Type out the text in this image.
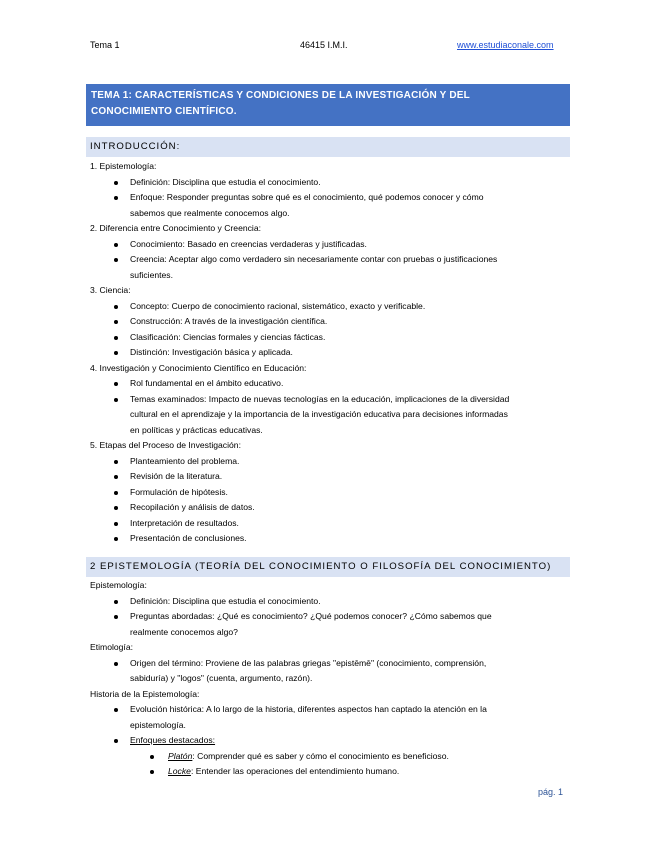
Tema 1	46415 I.M.I.	www.estudiaconale.com
TEMA 1: CARACTERÍSTICAS Y CONDICIONES DE LA INVESTIGACIÓN Y DEL
CONOCIMIENTO CIENTÍFICO.
INTRODUCCIÓN:

1. Epistemología:

Definición: Disciplina que estudia el conocimiento.

Enfoque: Responder preguntas sobre qué es el conocimiento, qué podemos conocer y cómo
sabemos que realmente conocemos algo.

2. Diferencia entre Conocimiento y Creencia:

Conocimiento: Basado en creencias verdaderas y justificadas.

Creencia: Aceptar algo como verdadero sin necesariamente contar con pruebas o justificaciones
suficientes.

3. Ciencia:

Concepto: Cuerpo de conocimiento racional, sistemático, exacto y verificable.

Construcción: A través de la investigación científica.

Clasificación: Ciencias formales y ciencias fácticas.

Distinción: Investigación básica y aplicada.

4. Investigación y Conocimiento Científico en Educación:

Rol fundamental en el ámbito educativo.

Temas examinados: Impacto de nuevas tecnologías en la educación, implicaciones de la diversidad
cultural en el aprendizaje y la importancia de la investigación educativa para decisiones informadas
en políticas y prácticas educativas.

5. Etapas del Proceso de Investigación:

Planteamiento del problema.

Revisión de la literatura.

Formulación de hipótesis.

Recopilación y análisis de datos.

Interpretación de resultados.

Presentación de conclusiones.

2 EPISTEMOLOGÍA (TEORÍA DEL CONOCIMIENTO O FILOSOFÍA DEL CONOCIMIENTO)

Epistemología:

Definición: Disciplina que estudia el conocimiento.

Preguntas abordadas: ¿Qué es conocimiento? ¿Qué podemos conocer? ¿Cómo sabemos que
realmente conocemos algo?

Etimología:

Origen del término: Proviene de las palabras griegas "epistēmē" (conocimiento, comprensión,
sabiduría) y "logos" (cuenta, argumento, razón).

Historia de la Epistemología:

Evolución histórica: A lo largo de la historia, diferentes aspectos han captado la atención en la
epistemología.

Enfoques destacados:

Platón: Comprender qué es saber y cómo el conocimiento es beneficioso.

Locke: Entender las operaciones del entendimiento humano.

pág. 1
